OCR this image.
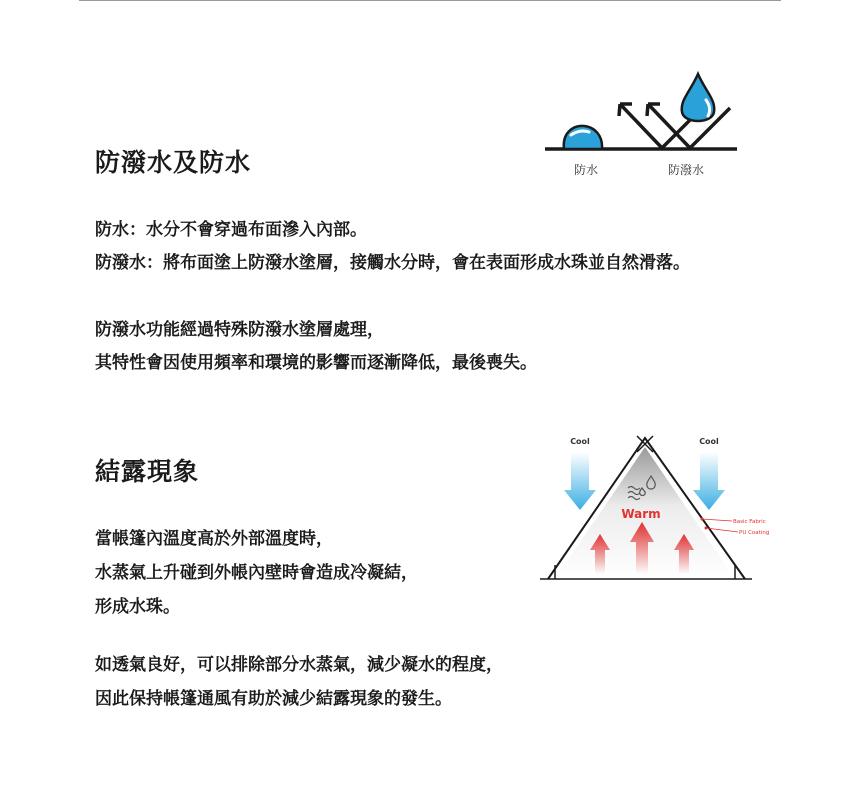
防潑水及防水	防水	防潑水

防水：水分不會穿過布面滲入內部。
防潑水：將布面塗上防潑水塗層，接觸水分時，會在表面形成水珠並自然滑落。

防潑水功能經過特殊防潑水塗層處理，
其特性會因使用頻率和環境的影響而逐漸降低，最後喪失。

結露現象
Cool	Cool
Warm
Basic Fabric
PU Coating

當帳篷內溫度高於外部溫度時，
水蒸氣上升碰到外帳內壁時會造成冷凝結，
形成水珠。

如透氣良好，可以排除部分水蒸氣，減少凝水的程度，
因此保持帳篷通風有助於減少結露現象的發生。
